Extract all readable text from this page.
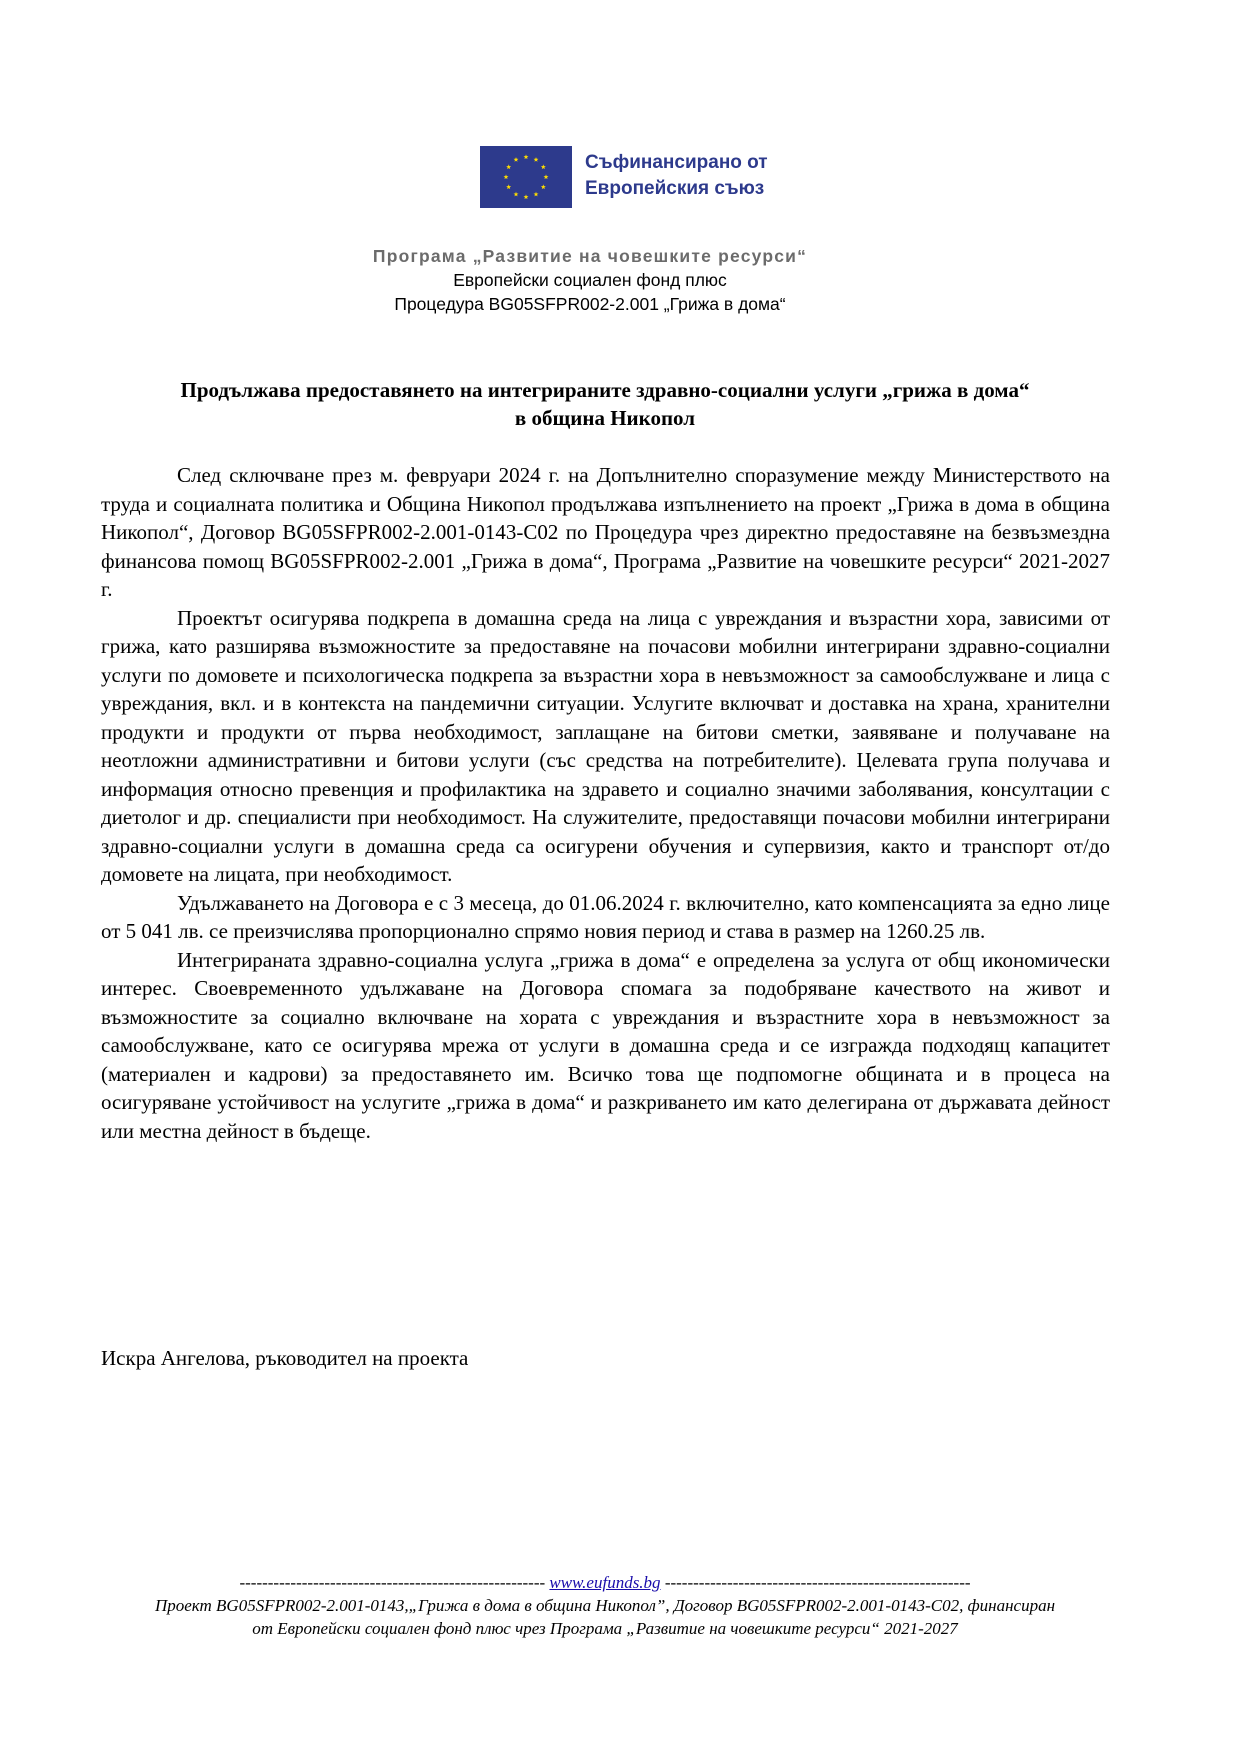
Съфинансирано от
Европейския съюз
Програма „Развитие на човешките ресурси“
Европейски социален фонд плюс
Процедура BG05SFPR002-2.001 „Грижа в дома“
Продължава предоставянето на интегрираните здравно-социални услуги „грижа в дома“
в община Никопол

След сключване през м. февруари 2024 г. на Допълнително споразумение между Министерството на труда и социалната политика и Община Никопол продължава изпълнението на проект „Грижа в дома в община Никопол“, Договор BG05SFPR002-2.001-0143-C02 по Процедура чрез директно предоставяне на безвъзмездна финансова помощ BG05SFPR002-2.001 „Грижа в дома“, Програма „Развитие на човешките ресурси“ 2021-2027 г.

Проектът осигурява подкрепа в домашна среда на лица с увреждания и възрастни хора, зависими от грижа, като разширява възможностите за предоставяне на почасови мобилни интегрирани здравно-социални услуги по домовете и психологическа подкрепа за възрастни хора в невъзможност за самообслужване и лица с увреждания, вкл. и в контекста на пандемични ситуации. Услугите включват и доставка на храна, хранителни продукти и продукти от първа необходимост, заплащане на битови сметки, заявяване и получаване на неотложни административни и битови услуги (със средства на потребителите). Целевата група получава и информация относно превенция и профилактика на здравето и социално значими заболявания, консултации с диетолог и др. специалисти при необходимост. На служителите, предоставящи почасови мобилни интегрирани здравно-социални услуги в домашна среда са осигурени обучения и супервизия, както и транспорт от/до домовете на лицата, при необходимост.

Удължаването на Договора е с 3 месеца, до 01.06.2024 г. включително, като компенсацията за едно лице от 5 041 лв. се преизчислява пропорционално спрямо новия период и става в размер на 1260.25 лв.

Интегрираната здравно-социална услуга „грижа в дома“ е определена за услуга от общ икономически интерес. Своевременното удължаване на Договора спомага за подобряване качеството на живот и възможностите за социално включване на хората с увреждания и възрастните хора в невъзможност за самообслужване, като се осигурява мрежа от услуги в домашна среда и се изгражда подходящ капацитет (материален и кадрови) за предоставянето им. Всичко това ще подпомогне общината и в процеса на осигуряване устойчивост на услугите „грижа в дома“ и разкриването им като делегирана от държавата дейност или местна дейност в бъдеще.

Искра Ангелова, ръководител на проекта
------------------------------------------------------ www.eufunds.bg ------------------------------------------------------
Проект BG05SFPR002-2.001-0143,„Грижа в дома в община Никопол”, Договор BG05SFPR002-2.001-0143-C02, финансиран
от Европейски социален фонд плюс чрез Програма „Развитие на човешките ресурси“ 2021-2027
